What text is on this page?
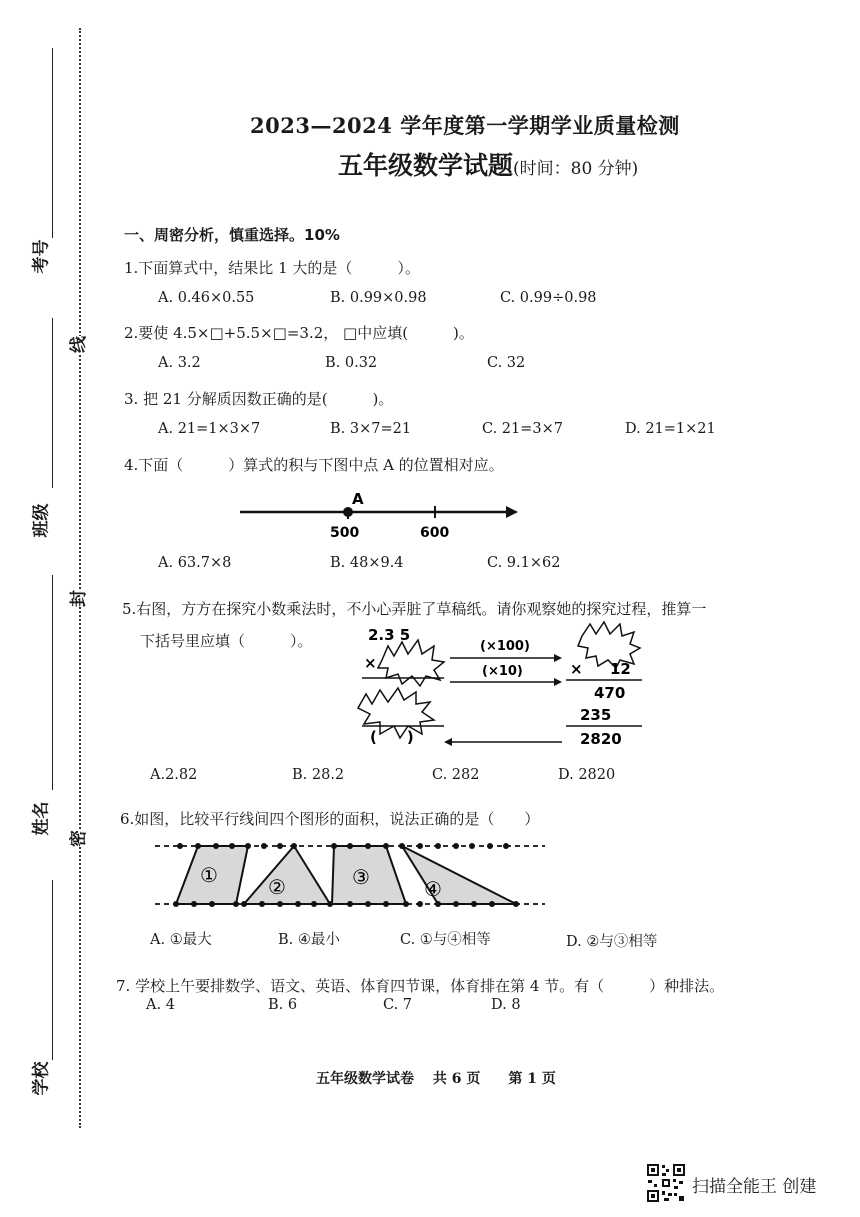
考号
班级
姓名
学校
线
封
密
2023—2024 学年度第一学期学业质量检测
五年级数学试题(时间：80 分钟)
一、周密分析，慎重选择。10%
1.下面算式中，结果比 1 大的是（　　　）。
A. 0.46×0.55	B. 0.99×0.98	C. 0.99÷0.98
2.要使 4.5×□+5.5×□=3.2， □中应填(　　　)。
A. 3.2	B. 0.32	C. 32
3. 把 21 分解质因数正确的是(　　　)。
A. 21=1×3×7	B. 3×7=21	C. 21=3×7	D. 21=1×21
4.下面（　　　）算式的积与下图中点 A 的位置相对应。
A
500	600
A. 63.7×8	B. 48×9.4	C. 9.1×62
5.右图，方方在探究小数乘法时，不小心弄脏了草稿纸。请你观察她的探究过程，推算一
下括号里应填（　　　）。	2.3 5
×
(　　)
(×100)
(×10)	× 12
470
235
2820
A.2.82	B. 28.2	C. 282	D. 2820
6.如图，比较平行线间四个图形的面积，说法正确的是（　　）
①	②	③	④
A. ①最大	B. ④最小	C. ①与④相等	D. ②与③相等
7. 学校上午要排数学、语文、英语、体育四节课，体育排在第 4 节。有（　　　）种排法。
A. 4	B. 6	C. 7	D. 8
五年级数学试卷　 共 6 页　　第 1 页
扫描全能王 创建
